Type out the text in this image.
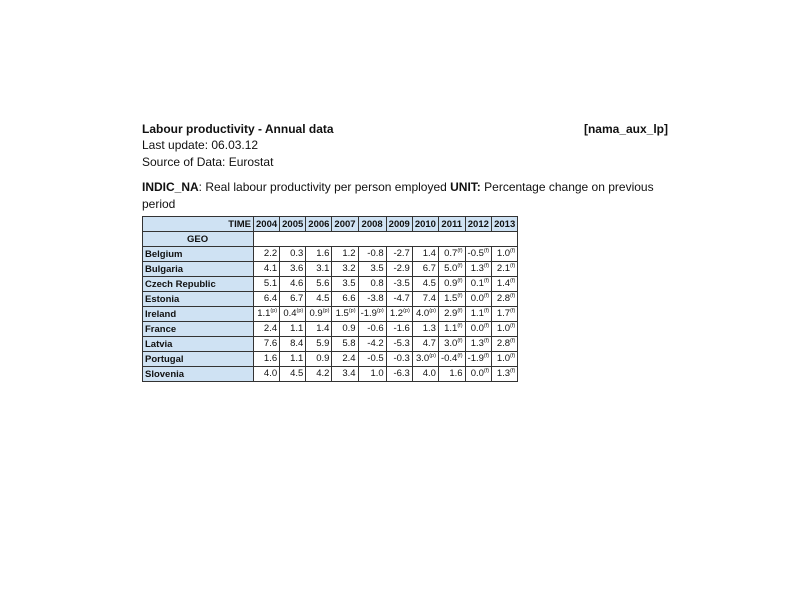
Labour productivity - Annual data	[nama_aux_lp]
Last update: 06.03.12
Source of Data: Eurostat
INDIC_NA: Real labour productivity per person employed UNIT: Percentage change on previous period
TIME	2004	2005	2006	2007	2008	2009	2010	2011	2012	2013
GEO										
Belgium	2.2	0.3	1.6	1.2	-0.8	-2.7	1.4	0.7$^{(f)}$	-0.5$^{(f)}$	1.0$^{(f)}$
Bulgaria	4.1	3.6	3.1	3.2	3.5	-2.9	6.7	5.0$^{(f)}$	1.3$^{(f)}$	2.1$^{(f)}$
Czech Republic	5.1	4.6	5.6	3.5	0.8	-3.5	4.5	0.9$^{(f)}$	0.1$^{(f)}$	1.4$^{(f)}$
Estonia	6.4	6.7	4.5	6.6	-3.8	-4.7	7.4	1.5$^{(f)}$	0.0$^{(f)}$	2.8$^{(f)}$
Ireland	1.1$^{(p)}$	0.4$^{(p)}$	0.9$^{(p)}$	1.5$^{(p)}$	-1.9$^{(p)}$	1.2$^{(p)}$	4.0$^{(p)}$	2.9$^{(f)}$	1.1$^{(f)}$	1.7$^{(f)}$
France	2.4	1.1	1.4	0.9	-0.6	-1.6	1.3	1.1$^{(f)}$	0.0$^{(f)}$	1.0$^{(f)}$
Latvia	7.6	8.4	5.9	5.8	-4.2	-5.3	4.7	3.0$^{(f)}$	1.3$^{(f)}$	2.8$^{(f)}$
Portugal	1.6	1.1	0.9	2.4	-0.5	-0.3	3.0$^{(p)}$	-0.4$^{(f)}$	-1.9$^{(f)}$	1.0$^{(f)}$
Slovenia	4.0	4.5	4.2	3.4	1.0	-6.3	4.0	1.6	0.0$^{(f)}$	1.3$^{(f)}$
